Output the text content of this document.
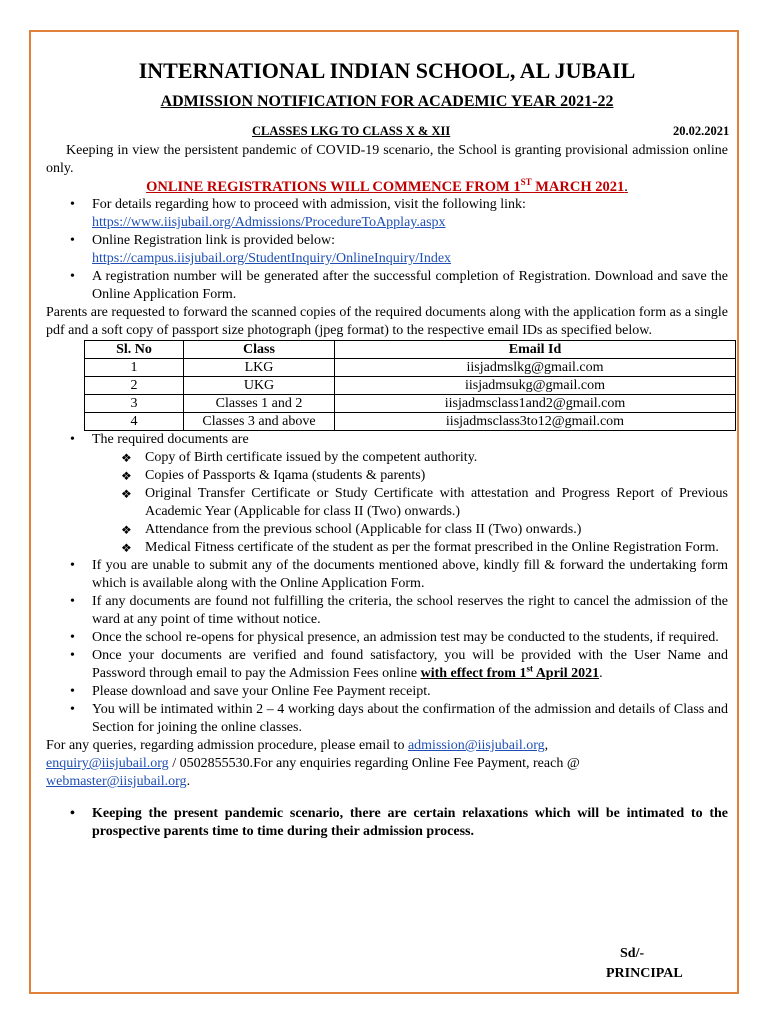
INTERNATIONAL INDIAN SCHOOL, AL JUBAIL
ADMISSION NOTIFICATION FOR ACADEMIC YEAR 2021-22
CLASSES LKG TO CLASS X & XII	20.02.2021

Keeping in view the persistent pandemic of COVID-19 scenario, the School is granting provisional admission online only.

ONLINE REGISTRATIONS WILL COMMENCE FROM 1ST MARCH 2021.

• For details regarding how to proceed with admission, visit the following link:
https://www.iisjubail.org/Admissions/ProcedureToApplay.aspx
• Online Registration link is provided below:
https://campus.iisjubail.org/StudentInquiry/OnlineInquiry/Index
• A registration number will be generated after the successful completion of Registration. Download and save the Online Application Form.

Parents are requested to forward the scanned copies of the required documents along with the application form as a single pdf and a soft copy of passport size photograph (jpeg format) to the respective email IDs as specified below.

Sl. No	Class	Email Id
1	LKG	iisjadmslkg@gmail.com
2	UKG	iisjadmsukg@gmail.com
3	Classes 1 and 2	iisjadmsclass1and2@gmail.com
4	Classes 3 and above	iisjadmsclass3to12@gmail.com
• The required documents are
❖ Copy of Birth certificate issued by the competent authority.
❖ Copies of Passports & Iqama (students & parents)
❖ Original Transfer Certificate or Study Certificate with attestation and Progress Report of Previous Academic Year (Applicable for class II (Two) onwards.)
❖ Attendance from the previous school (Applicable for class II (Two) onwards.)
❖ Medical Fitness certificate of the student as per the format prescribed in the Online Registration Form.
• If you are unable to submit any of the documents mentioned above, kindly fill & forward the undertaking form which is available along with the Online Application Form.
• If any documents are found not fulfilling the criteria, the school reserves the right to cancel the admission of the ward at any point of time without notice.
• Once the school re-opens for physical presence, an admission test may be conducted to the students, if required.
• Once your documents are verified and found satisfactory, you will be provided with the User Name and Password through email to pay the Admission Fees online with effect from 1st April 2021.
• Please download and save your Online Fee Payment receipt.
• You will be intimated within 2 – 4 working days about the confirmation of the admission and details of Class and Section for joining the online classes.

For any queries, regarding admission procedure, please email to admission@iisjubail.org,
enquiry@iisjubail.org / 0502855530.For any enquiries regarding Online Fee Payment, reach @
webmaster@iisjubail.org.

• Keeping the present pandemic scenario, there are certain relaxations which will be intimated to the prospective parents time to time during their admission process.
Sd/-
PRINCIPAL
